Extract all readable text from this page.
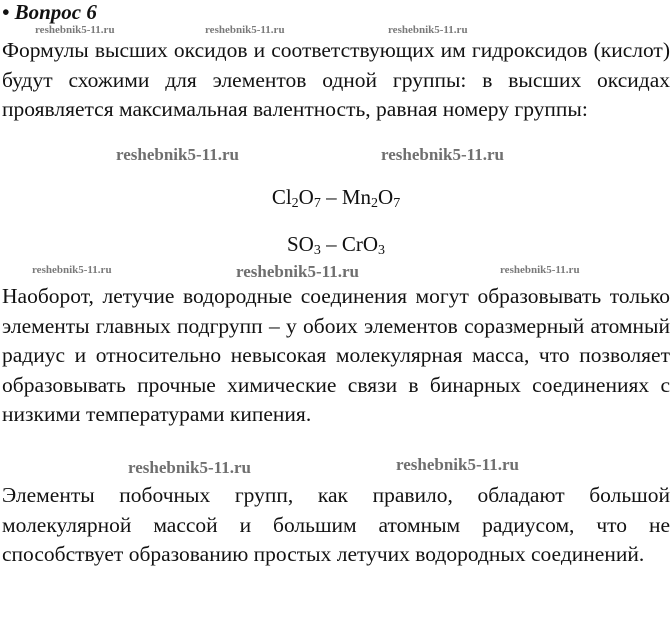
• Вопрос 6

Формулы высших оксидов и соответствующих им гидроксидов (кислот) будут схожими для элементов одной группы: в высших оксидах проявляется максимальная валентность, равная номеру группы:

$Cl_2O_7 - Mn_2O_7$
$SO_3 - CrO_3$

Наоборот, летучие водородные соединения могут образовывать только элементы главных подгрупп – у обоих элементов соразмерный атомный радиус и относительно невысокая молекулярная масса, что позволяет образовывать прочные химические связи в бинарных соединениях с низкими температурами кипения.

Элементы побочных групп, как правило, обладают большой молекулярной массой и большим атомным радиусом, что не способствует образованию простых летучих водородных соединений.

reshebnik5-11.ru	reshebnik5-11.ru	reshebnik5-11.ru
reshebnik5-11.ru	reshebnik5-11.ru
reshebnik5-11.ru	reshebnik5-11.ru	reshebnik5-11.ru
reshebnik5-11.ru
reshebnik5-11.ru
